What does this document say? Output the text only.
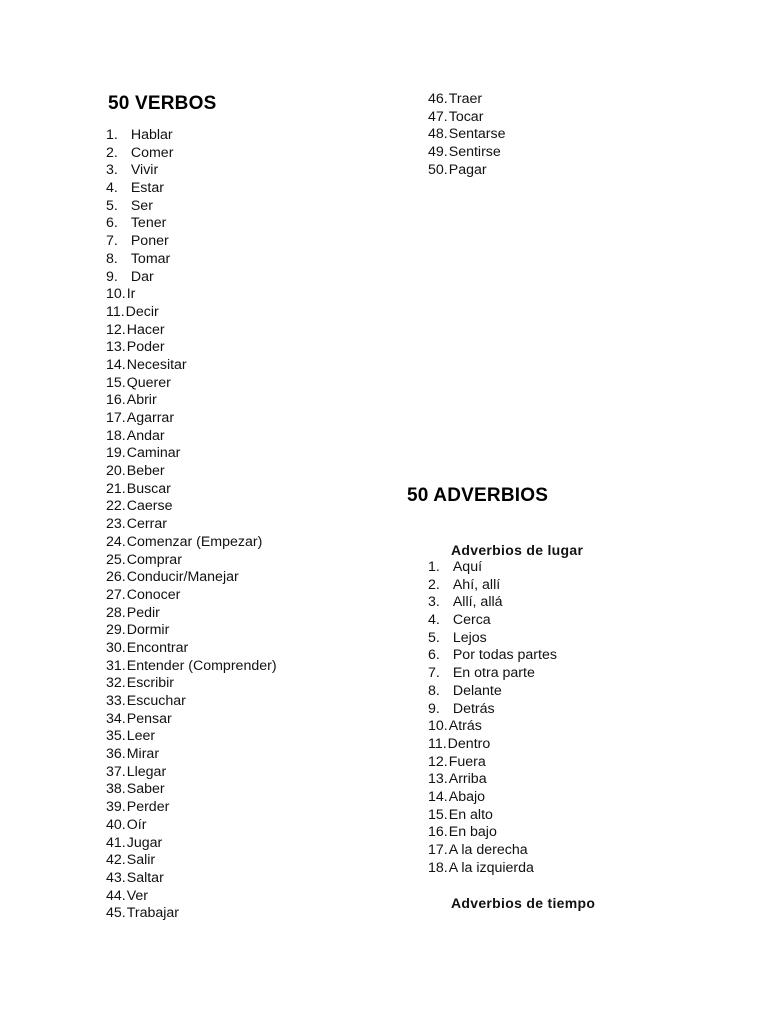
50 VERBOS
1. Hablar
2. Comer
3. Vivir
4. Estar
5. Ser
6. Tener
7. Poner
8. Tomar
9. Dar
10. Ir
11. Decir
12. Hacer
13. Poder
14. Necesitar
15. Querer
16. Abrir
17. Agarrar
18. Andar
19. Caminar
20. Beber
21. Buscar
22. Caerse
23. Cerrar
24. Comenzar (Empezar)
25. Comprar
26. Conducir/Manejar
27. Conocer
28. Pedir
29. Dormir
30. Encontrar
31. Entender (Comprender)
32. Escribir
33. Escuchar
34. Pensar
35. Leer
36. Mirar
37. Llegar
38. Saber
39. Perder
40. Oír
41. Jugar
42. Salir
43. Saltar
44. Ver
45. Trabajar
46. Traer
47. Tocar
48. Sentarse
49. Sentirse
50. Pagar
50 ADVERBIOS
Adverbios de lugar
1. Aquí
2. Ahí, allí
3. Allí, allá
4. Cerca
5. Lejos
6. Por todas partes
7. En otra parte
8. Delante
9. Detrás
10. Atrás
11. Dentro
12. Fuera
13. Arriba
14. Abajo
15. En alto
16. En bajo
17. A la derecha
18. A la izquierda
Adverbios de tiempo
